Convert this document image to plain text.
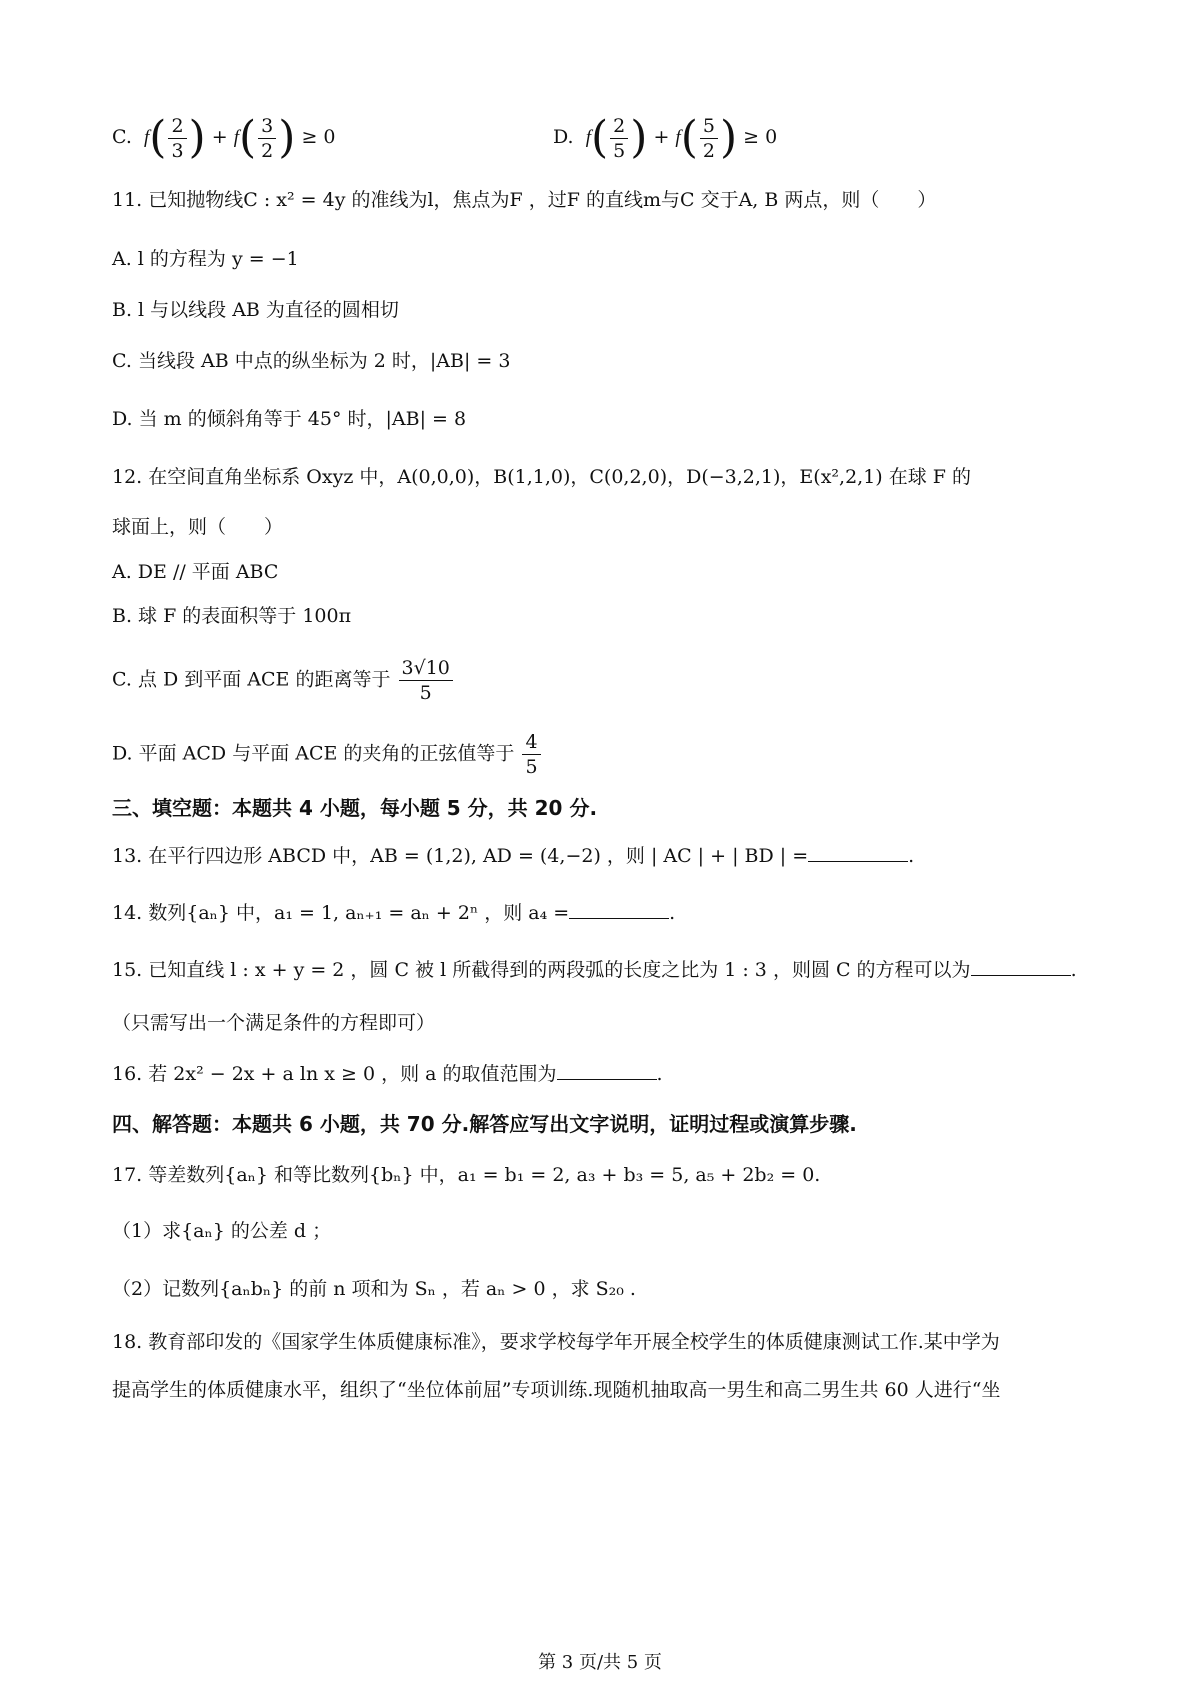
C. $f( \frac{2}{3}$ ) + $f( \frac{3}{2}$ ) ≥ 0	D. $f( \frac{2}{5}$ ) + $f( \frac{5}{2}$ ) ≥ 0
11. 已知抛物线C : x² = 4y 的准线为l，焦点为F ，过F 的直线m与C 交于A, B 两点，则（　　）
A. l 的方程为 y = −1
B. l 与以线段 AB 为直径的圆相切
C. 当线段 AB 中点的纵坐标为 2 时，|AB| = 3
D. 当 m 的倾斜角等于 45° 时，|AB| = 8
12. 在空间直角坐标系 Oxyz 中，A(0,0,0)，B(1,1,0)，C(0,2,0)，D(−3,2,1)，E(x²,2,1) 在球 F 的
球面上，则（　　）
A. DE // 平面 ABC
B. 球 F 的表面积等于 100π
C. 点 D 到平面 ACE 的距离等于 $\frac{3√10}{5}$
D. 平面 ACD 与平面 ACE 的夹角的正弦值等于 $\frac{4}{5}$
三、填空题：本题共 4 小题，每小题 5 分，共 20 分.
13. 在平行四边形 ABCD 中，AB = (1,2), AD = (4,−2) ，则 | AC | + | BD | =	.
14. 数列{aₙ} 中，a₁ = 1, aₙ₊₁ = aₙ + 2ⁿ ，则 a₄ =	.
15. 已知直线 l : x + y = 2 ，圆 C 被 l 所截得到的两段弧的长度之比为 1 : 3 ，则圆 C 的方程可以为	.
（只需写出一个满足条件的方程即可）
16. 若 2x² − 2x + a ln x ≥ 0 ，则 a 的取值范围为	.
四、解答题：本题共 6 小题，共 70 分.解答应写出文字说明，证明过程或演算步骤.
17. 等差数列{aₙ} 和等比数列{bₙ} 中，a₁ = b₁ = 2, a₃ + b₃ = 5, a₅ + 2b₂ = 0.
（1）求{aₙ} 的公差 d ；
（2）记数列{aₙbₙ} 的前 n 项和为 Sₙ ，若 aₙ > 0 ，求 S₂₀ .
18. 教育部印发的《国家学生体质健康标准》，要求学校每学年开展全校学生的体质健康测试工作.某中学为
提高学生的体质健康水平，组织了“坐位体前屈”专项训练.现随机抽取高一男生和高二男生共 60 人进行“坐
第 3 页/共 5 页
